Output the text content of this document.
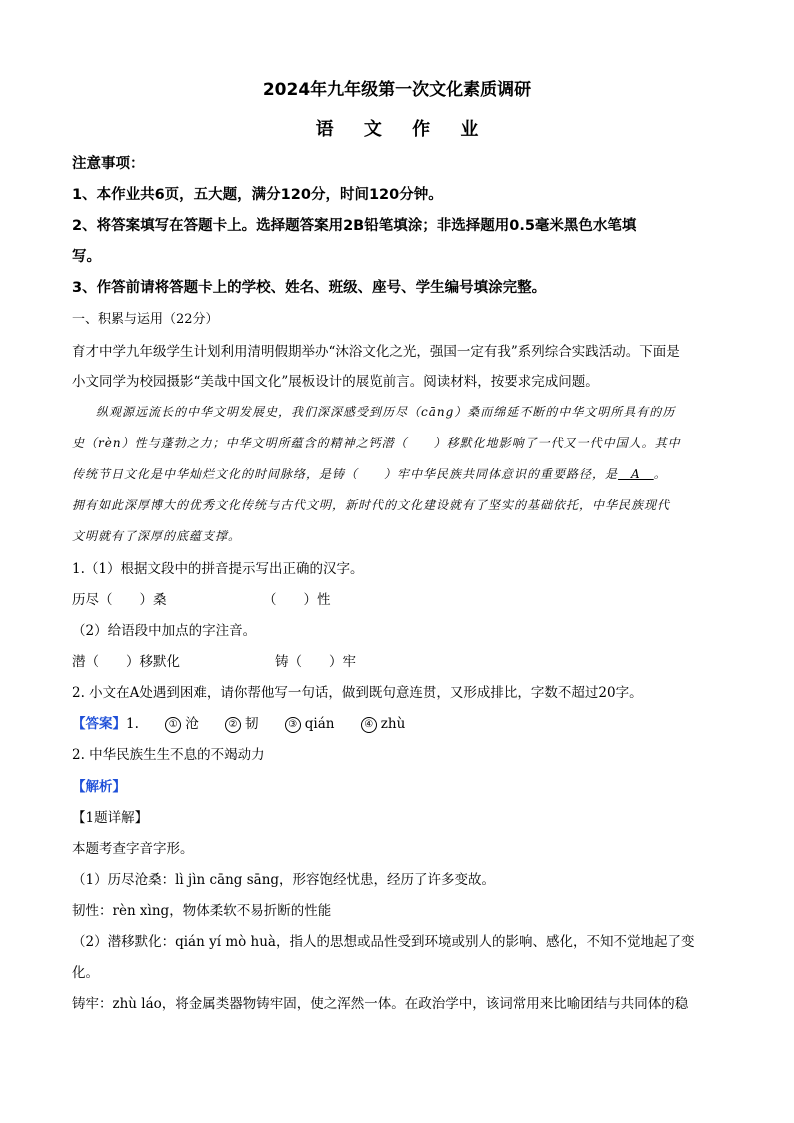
2024年九年级第一次文化素质调研
语 文 作 业
注意事项：
1、本作业共6页，五大题，满分120分，时间120分钟。
2、将答案填写在答题卡上。选择题答案用2B铅笔填涂；非选择题用0.5毫米黑色水笔填
写。
3、作答前请将答题卡上的学校、姓名、班级、座号、学生编号填涂完整。
一、积累与运用（22分）
育才中学九年级学生计划利用清明假期举办“沐浴文化之光，强国一定有我”系列综合实践活动。下面是
小文同学为校园摄影“美哉中国文化”展板设计的展览前言。阅读材料，按要求完成问题。
纵观源远流长的中华文明发展史，我们深深感受到历尽（cāng）桑而绵延不断的中华文明所具有的历
史（rèn）性与蓬勃之力；中华文明所蕴含的精神之钙潜（　　）移默化地影响了一代又一代中国人。其中
传统节日文化是中华灿烂文化的时间脉络，是铸（　　）牢中华民族共同体意识的重要路径，是　A　。
拥有如此深厚博大的优秀文化传统与古代文明，新时代的文化建设就有了坚实的基础依托，中华民族现代
文明就有了深厚的底蕴支撑。
1.（1）根据文段中的拼音提示写出正确的汉字。
历尽（　　）桑	（　　）性
（2）给语段中加点的字注音。
潜（　　）移默化	铸（　　）牢
2. 小文在A处遇到困难，请你帮他写一句话，做到既句意连贯，又形成排比，字数不超过20字。
【答案】1.	① 沧	② 韧	③ qián	④ zhù
2. 中华民族生生不息的不竭动力
【解析】
【1题详解】
本题考查字音字形。
（1）历尽沧桑：lì jìn cāng sāng，形容饱经忧患，经历了许多变故。
韧性：rèn xìng，物体柔软不易折断的性能
（2）潜移默化：qián yí mò huà，指人的思想或品性受到环境或别人的影响、感化，不知不觉地起了变
化。
铸牢：zhù láo，将金属类器物铸牢固，使之浑然一体。在政治学中，该词常用来比喻团结与共同体的稳
